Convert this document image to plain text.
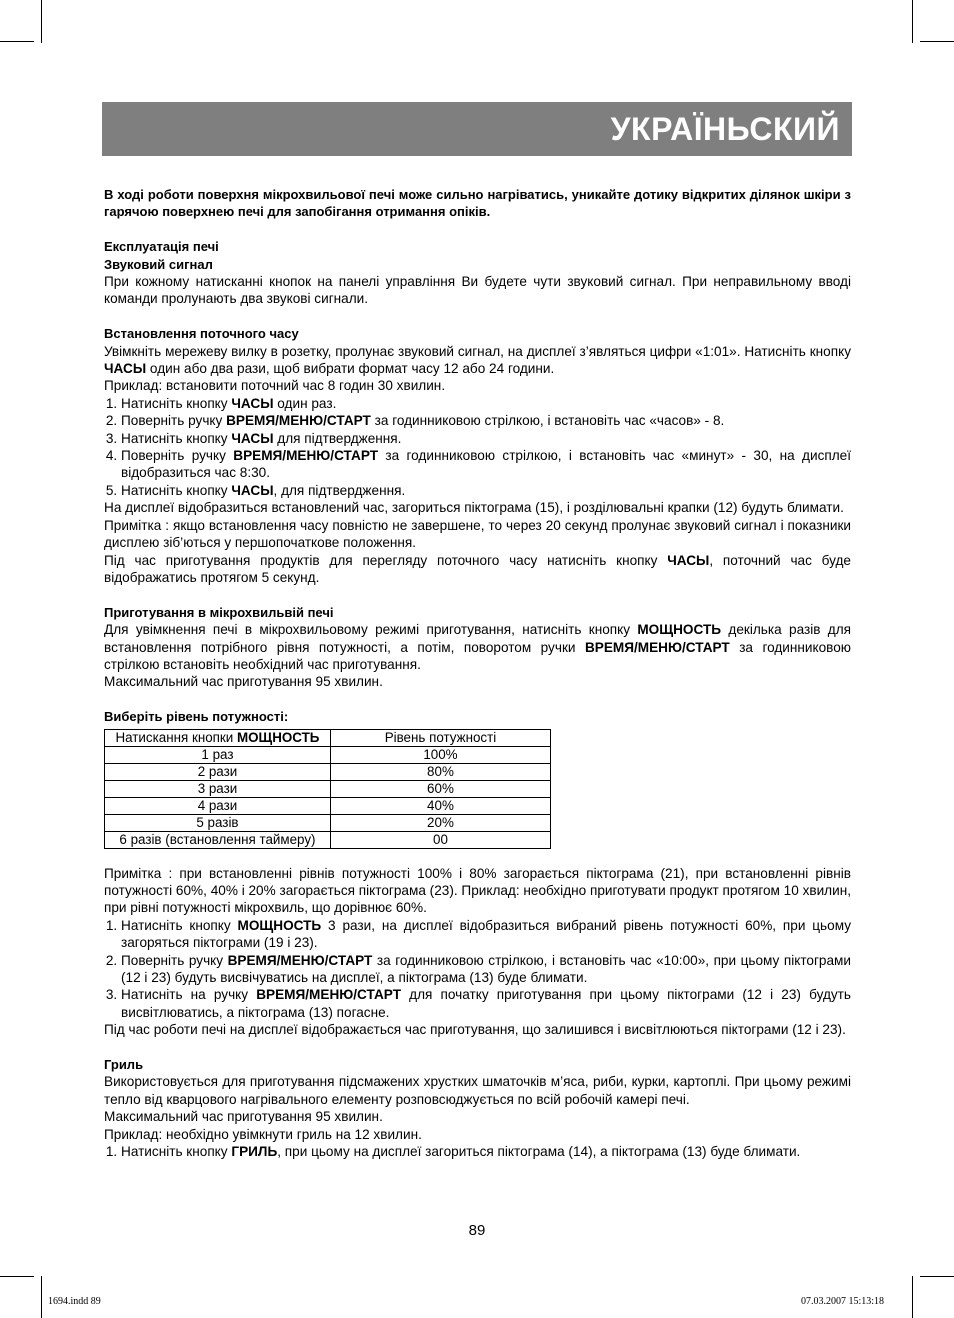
УКРАЇНЬСКИЙ

В ході роботи поверхня мікрохвильової печі може сильно нагріватись, уникайте дотику відкритих ділянок шкіри з гарячою поверхнею печі для запобігання отримання опіків.

Експлуатація печі

Звуковий сигнал

При кожному натисканні кнопок на панелі управління Ви будете чути звуковий сигнал. При неправильному вводі команди пролунають два звукові сигнали.

Встановлення поточного часу

Увімкніть мережеву вилку в розетку, пролунає звуковий сигнал, на дисплеї з’являться цифри «1:01». Натисніть кнопку ЧАСЫ один або два рази, щоб вибрати формат часу 12 або 24 години.

Приклад: встановити поточний час 8 годин 30 хвилин.

1. Натисніть кнопку ЧАСЫ один раз.
2. Поверніть ручку ВРЕМЯ/МЕНЮ/СТАРТ за годинниковою стрілкою, і встановіть час «часов» - 8.
3. Натисніть кнопку ЧАСЫ для підтвердження.
4. Поверніть ручку ВРЕМЯ/МЕНЮ/СТАРТ за годинниковою стрілкою, і встановіть час «минут» - 30, на дисплеї відобразиться час 8:30.
5. Натисніть кнопку ЧАСЫ, для підтвердження.

На дисплеї відобразиться встановлений час, загориться піктограма (15), і розділювальні крапки (12) будуть блимати.

Примітка : якщо встановлення часу повністю не завершене, то через 20 секунд пролунає звуковий сигнал і показники дисплею зіб’ються у першопочаткове положення.

Під час приготування продуктів для перегляду поточного часу натисніть кнопку ЧАСЫ, поточний час буде відображатись протягом 5 секунд.

Приготування в мікрохвильвій печі

Для увімкнення печі в мікрохвильовому режимі приготування, натисніть кнопку МОЩНОСТЬ декілька разів для встановлення потрібного рівня потужності, а потім, поворотом ручки ВРЕМЯ/МЕНЮ/СТАРТ за годинниковою стрілкою встановіть необхідний час приготування.

Максимальний час приготування 95 хвилин.

Виберіть рівень потужності:

Натискання кнопки МОЩНОСТЬ	Рівень потужності
1 раз	100%
2 рази	80%
3 рази	60%
4 рази	40%
5 разів	20%
6 разів (встановлення таймеру)	00

Примітка : при встановленні рівнів потужності 100% і 80% загорається піктограма (21), при встановленні рівнів потужності 60%, 40% і 20% загорається піктограма (23). Приклад: необхідно приготувати продукт протягом 10 хвилин, при рівні потужності мікрохвиль, що дорівнює 60%.

1. Натисніть кнопку МОЩНОСТЬ 3 рази, на дисплеї відобразиться вибраний рівень потужності 60%, при цьому загоряться піктограми (19 і 23).
2. Поверніть ручку ВРЕМЯ/МЕНЮ/СТАРТ за годинниковою стрілкою, і встановіть час «10:00», при цьому піктограми (12 і 23) будуть висвічуватись на дисплеї, а піктограма (13) буде блимати.
3. Натисніть на ручку ВРЕМЯ/МЕНЮ/СТАРТ для початку приготування при цьому піктограми (12 і 23) будуть висвітлюватись, а піктограма (13) погасне.

Під час роботи печі на дисплеї відображається час приготування, що залишився і висвітлюються піктограми (12 і 23).

Гриль

Використовується для приготування підсмажених хрустких шматочків м’яса, риби, курки, картоплі. При цьому режимі тепло від кварцового нагрівального елементу розповсюджується по всій робочій камері печі.

Максимальний час приготування 95 хвилин.

Приклад: необхідно увімкнути гриль на 12 хвилин.

1. Натисніть кнопку ГРИЛЬ, при цьому на дисплеї загориться піктограма (14), а піктограма (13) буде блимати.
89
1694.indd 89	07.03.2007 15:13:18
